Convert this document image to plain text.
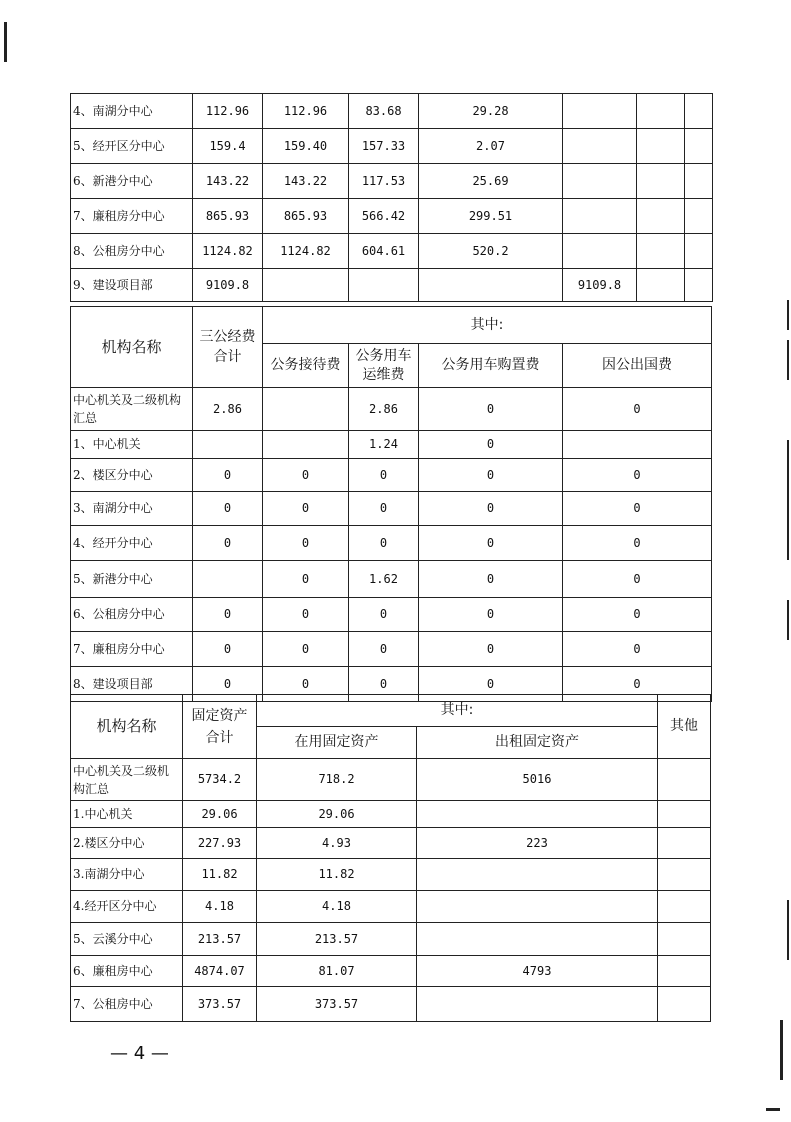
4、南湖分中心	112.96	112.96	83.68	29.28			
5、经开区分中心	159.4	159.40	157.33	2.07			
6、新港分中心	143.22	143.22	117.53	25.69			
7、廉租房分中心	865.93	865.93	566.42	299.51			
8、公租房分中心	1124.82	1124.82	604.61	520.2			
9、建设项目部	9109.8				9109.8		
机构名称	三公经费合计	其中:			
		公务接待费	公务用车运维费	公务用车购置费	因公出国费
中心机关及二级机构汇总	2.86		2.86	0	0
1、中心机关			1.24	0	
2、楼区分中心	0	0	0	0	0
3、南湖分中心	0	0	0	0	0
4、经开分中心	0	0	0	0	0
5、新港分中心		0	1.62	0	0
6、公租房分中心	0	0	0	0	0
7、廉租房分中心	0	0	0	0	0
8、建设项目部	0	0	0	0	0
机构名称	固定资产合计	其中:		其他
		在用固定资产	出租固定资产	
中心机关及二级机构汇总	5734.2	718.2	5016	
1.中心机关	29.06	29.06		
2.楼区分中心	227.93	4.93	223	
3.南湖分中心	11.82	11.82		
4.经开区分中心	4.18	4.18		
5、云溪分中心	213.57	213.57		
6、廉租房中心	4874.07	81.07	4793	
7、公租房中心	373.57	373.57		
— 4 —
